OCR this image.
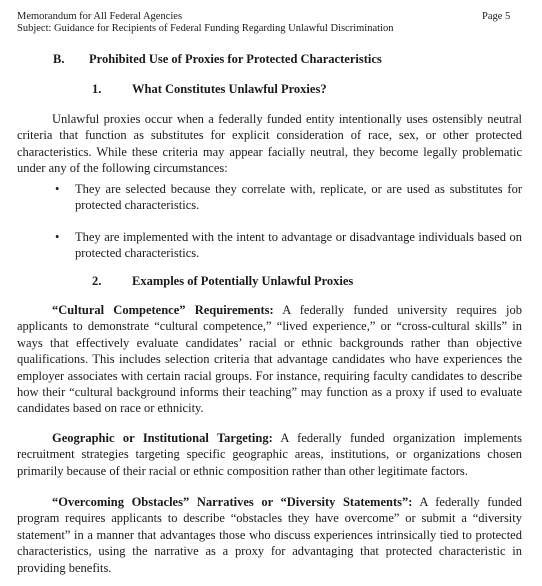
Memorandum for All Federal Agencies
Subject: Guidance for Recipients of Federal Funding Regarding Unlawful Discrimination
Page 5
B. Prohibited Use of Proxies for Protected Characteristics
1. What Constitutes Unlawful Proxies?

Unlawful proxies occur when a federally funded entity intentionally uses ostensibly neutral criteria that function as substitutes for explicit consideration of race, sex, or other protected characteristics. While these criteria may appear facially neutral, they become legally problematic under any of the following circumstances:

• They are selected because they correlate with, replicate, or are used as substitutes for protected characteristics.

• They are implemented with the intent to advantage or disadvantage individuals based on protected characteristics.

2. Examples of Potentially Unlawful Proxies

“Cultural Competence” Requirements: A federally funded university requires job applicants to demonstrate “cultural competence,” “lived experience,” or “cross-cultural skills” in ways that effectively evaluate candidates’ racial or ethnic backgrounds rather than objective qualifications. This includes selection criteria that advantage candidates who have experiences the employer associates with certain racial groups. For instance, requiring faculty candidates to describe how their “cultural background informs their teaching” may function as a proxy if used to evaluate candidates based on race or ethnicity.

Geographic or Institutional Targeting: A federally funded organization implements recruitment strategies targeting specific geographic areas, institutions, or organizations chosen primarily because of their racial or ethnic composition rather than other legitimate factors.

“Overcoming Obstacles” Narratives or “Diversity Statements”: A federally funded program requires applicants to describe “obstacles they have overcome” or submit a “diversity statement” in a manner that advantages those who discuss experiences intrinsically tied to protected characteristics, using the narrative as a proxy for advantaging that protected characteristic in providing benefits.
